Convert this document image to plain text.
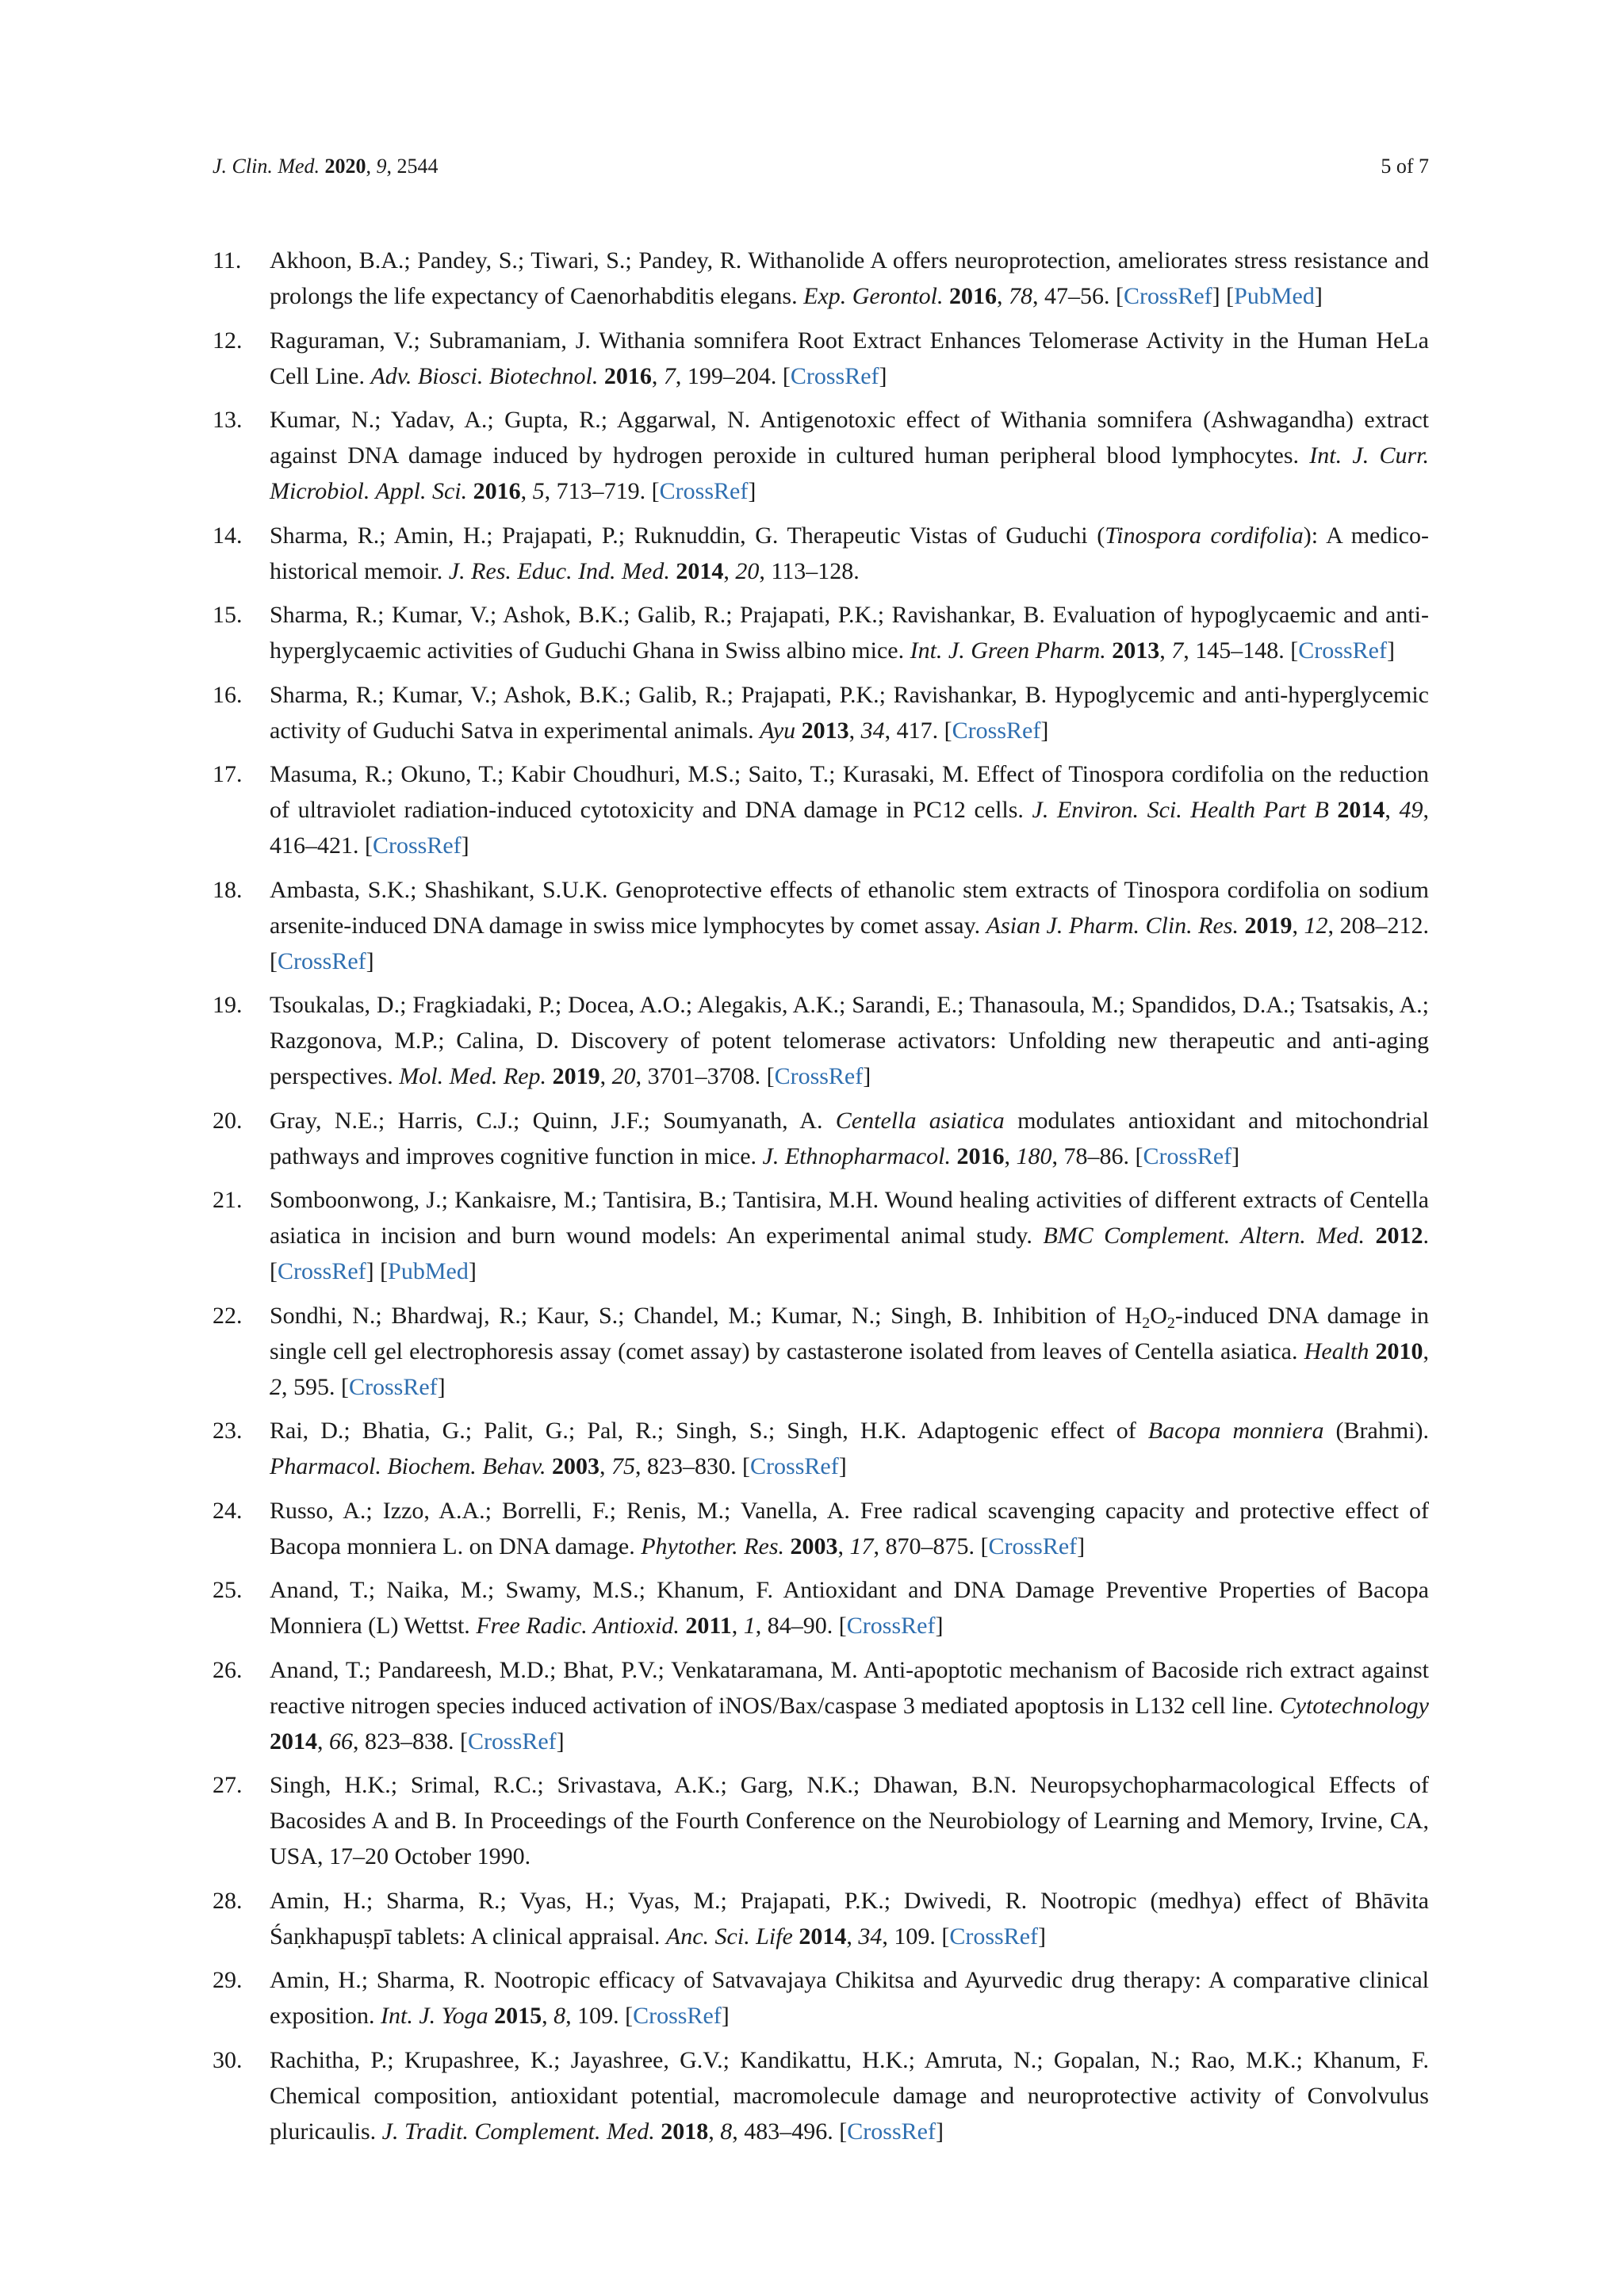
J. Clin. Med. 2020, 9, 2544	5 of 7
11. Akhoon, B.A.; Pandey, S.; Tiwari, S.; Pandey, R. Withanolide A offers neuroprotection, ameliorates stress resistance and prolongs the life expectancy of Caenorhabditis elegans. Exp. Gerontol. 2016, 78, 47–56. [CrossRef] [PubMed]
12. Raguraman, V.; Subramaniam, J. Withania somnifera Root Extract Enhances Telomerase Activity in the Human HeLa Cell Line. Adv. Biosci. Biotechnol. 2016, 7, 199–204. [CrossRef]
13. Kumar, N.; Yadav, A.; Gupta, R.; Aggarwal, N. Antigenotoxic effect of Withania somnifera (Ashwagandha) extract against DNA damage induced by hydrogen peroxide in cultured human peripheral blood lymphocytes. Int. J. Curr. Microbiol. Appl. Sci. 2016, 5, 713–719. [CrossRef]
14. Sharma, R.; Amin, H.; Prajapati, P.; Ruknuddin, G. Therapeutic Vistas of Guduchi (Tinospora cordifolia): A medico-historical memoir. J. Res. Educ. Ind. Med. 2014, 20, 113–128.
15. Sharma, R.; Kumar, V.; Ashok, B.K.; Galib, R.; Prajapati, P.K.; Ravishankar, B. Evaluation of hypoglycaemic and anti-hyperglycaemic activities of Guduchi Ghana in Swiss albino mice. Int. J. Green Pharm. 2013, 7, 145–148. [CrossRef]
16. Sharma, R.; Kumar, V.; Ashok, B.K.; Galib, R.; Prajapati, P.K.; Ravishankar, B. Hypoglycemic and anti-hyperglycemic activity of Guduchi Satva in experimental animals. Ayu 2013, 34, 417. [CrossRef]
17. Masuma, R.; Okuno, T.; Kabir Choudhuri, M.S.; Saito, T.; Kurasaki, M. Effect of Tinospora cordifolia on the reduction of ultraviolet radiation-induced cytotoxicity and DNA damage in PC12 cells. J. Environ. Sci. Health Part B 2014, 49, 416–421. [CrossRef]
18. Ambasta, S.K.; Shashikant, S.U.K. Genoprotective effects of ethanolic stem extracts of Tinospora cordifolia on sodium arsenite-induced DNA damage in swiss mice lymphocytes by comet assay. Asian J. Pharm. Clin. Res. 2019, 12, 208–212. [CrossRef]
19. Tsoukalas, D.; Fragkiadaki, P.; Docea, A.O.; Alegakis, A.K.; Sarandi, E.; Thanasoula, M.; Spandidos, D.A.; Tsatsakis, A.; Razgonova, M.P.; Calina, D. Discovery of potent telomerase activators: Unfolding new therapeutic and anti-aging perspectives. Mol. Med. Rep. 2019, 20, 3701–3708. [CrossRef]
20. Gray, N.E.; Harris, C.J.; Quinn, J.F.; Soumyanath, A. Centella asiatica modulates antioxidant and mitochondrial pathways and improves cognitive function in mice. J. Ethnopharmacol. 2016, 180, 78–86. [CrossRef]
21. Somboonwong, J.; Kankaisre, M.; Tantisira, B.; Tantisira, M.H. Wound healing activities of different extracts of Centella asiatica in incision and burn wound models: An experimental animal study. BMC Complement. Altern. Med. 2012. [CrossRef] [PubMed]
22. Sondhi, N.; Bhardwaj, R.; Kaur, S.; Chandel, M.; Kumar, N.; Singh, B. Inhibition of $H_2O_2$-induced DNA damage in single cell gel electrophoresis assay (comet assay) by castasterone isolated from leaves of Centella asiatica. Health 2010, 2, 595. [CrossRef]
23. Rai, D.; Bhatia, G.; Palit, G.; Pal, R.; Singh, S.; Singh, H.K. Adaptogenic effect of Bacopa monniera (Brahmi). Pharmacol. Biochem. Behav. 2003, 75, 823–830. [CrossRef]
24. Russo, A.; Izzo, A.A.; Borrelli, F.; Renis, M.; Vanella, A. Free radical scavenging capacity and protective effect of Bacopa monniera L. on DNA damage. Phytother. Res. 2003, 17, 870–875. [CrossRef]
25. Anand, T.; Naika, M.; Swamy, M.S.; Khanum, F. Antioxidant and DNA Damage Preventive Properties of Bacopa Monniera (L) Wettst. Free Radic. Antioxid. 2011, 1, 84–90. [CrossRef]
26. Anand, T.; Pandareesh, M.D.; Bhat, P.V.; Venkataramana, M. Anti-apoptotic mechanism of Bacoside rich extract against reactive nitrogen species induced activation of iNOS/Bax/caspase 3 mediated apoptosis in L132 cell line. Cytotechnology 2014, 66, 823–838. [CrossRef]
27. Singh, H.K.; Srimal, R.C.; Srivastava, A.K.; Garg, N.K.; Dhawan, B.N. Neuropsychopharmacological Effects of Bacosides A and B. In Proceedings of the Fourth Conference on the Neurobiology of Learning and Memory, Irvine, CA, USA, 17–20 October 1990.
28. Amin, H.; Sharma, R.; Vyas, H.; Vyas, M.; Prajapati, P.K.; Dwivedi, R. Nootropic (medhya) effect of Bhāvita Śaṇkhapuṣpī tablets: A clinical appraisal. Anc. Sci. Life 2014, 34, 109. [CrossRef]
29. Amin, H.; Sharma, R. Nootropic efficacy of Satvavajaya Chikitsa and Ayurvedic drug therapy: A comparative clinical exposition. Int. J. Yoga 2015, 8, 109. [CrossRef]
30. Rachitha, P.; Krupashree, K.; Jayashree, G.V.; Kandikattu, H.K.; Amruta, N.; Gopalan, N.; Rao, M.K.; Khanum, F. Chemical composition, antioxidant potential, macromolecule damage and neuroprotective activity of Convolvulus pluricaulis. J. Tradit. Complement. Med. 2018, 8, 483–496. [CrossRef]
